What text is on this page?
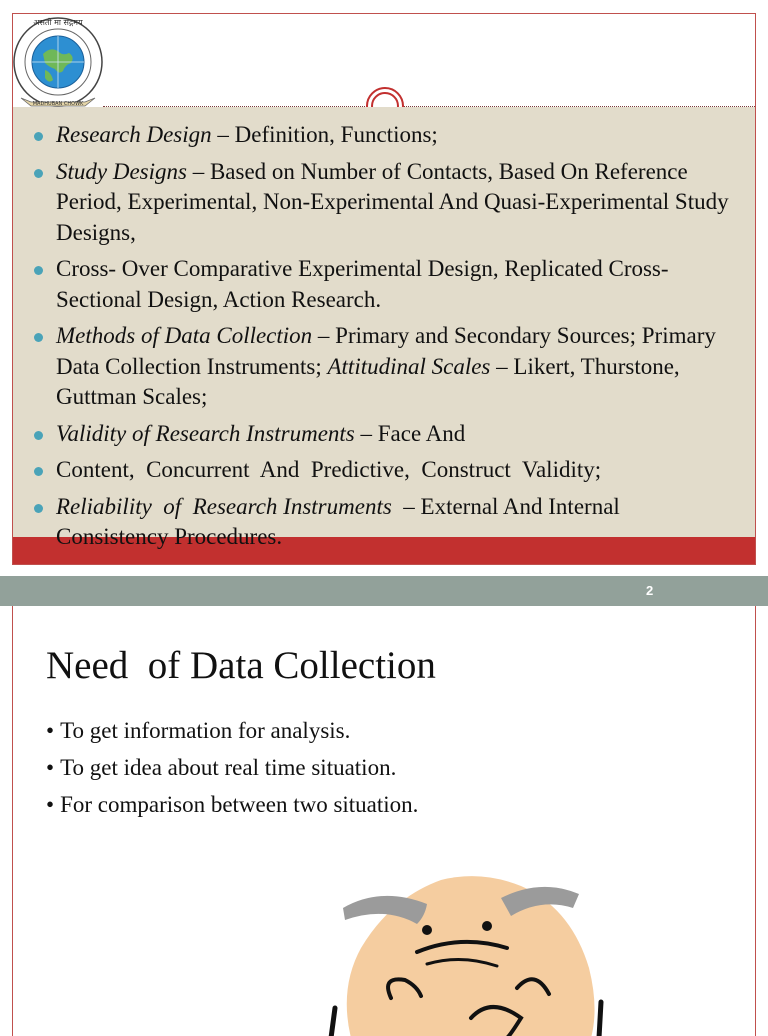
असतो मा सद्गमय
MADHUBAN CHOWK
Research Design – Definition, Functions;
Study Designs – Based on Number of Contacts, Based On Reference Period, Experimental, Non-Experimental And Quasi-Experimental Study Designs,
Cross- Over Comparative Experimental Design, Replicated Cross-Sectional Design, Action Research.
Methods of Data Collection – Primary and Secondary Sources; Primary Data Collection Instruments; Attitudinal Scales – Likert, Thurstone, Guttman Scales;
Validity of Research Instruments – Face And
Content,  Concurrent  And  Predictive,  Construct  Validity;
Reliability  of  Research Instruments  – External And Internal
Consistency Procedures.
2
Need  of Data Collection
• To get information for analysis.
• To get idea about real time situation.
• For comparison between two situation.
